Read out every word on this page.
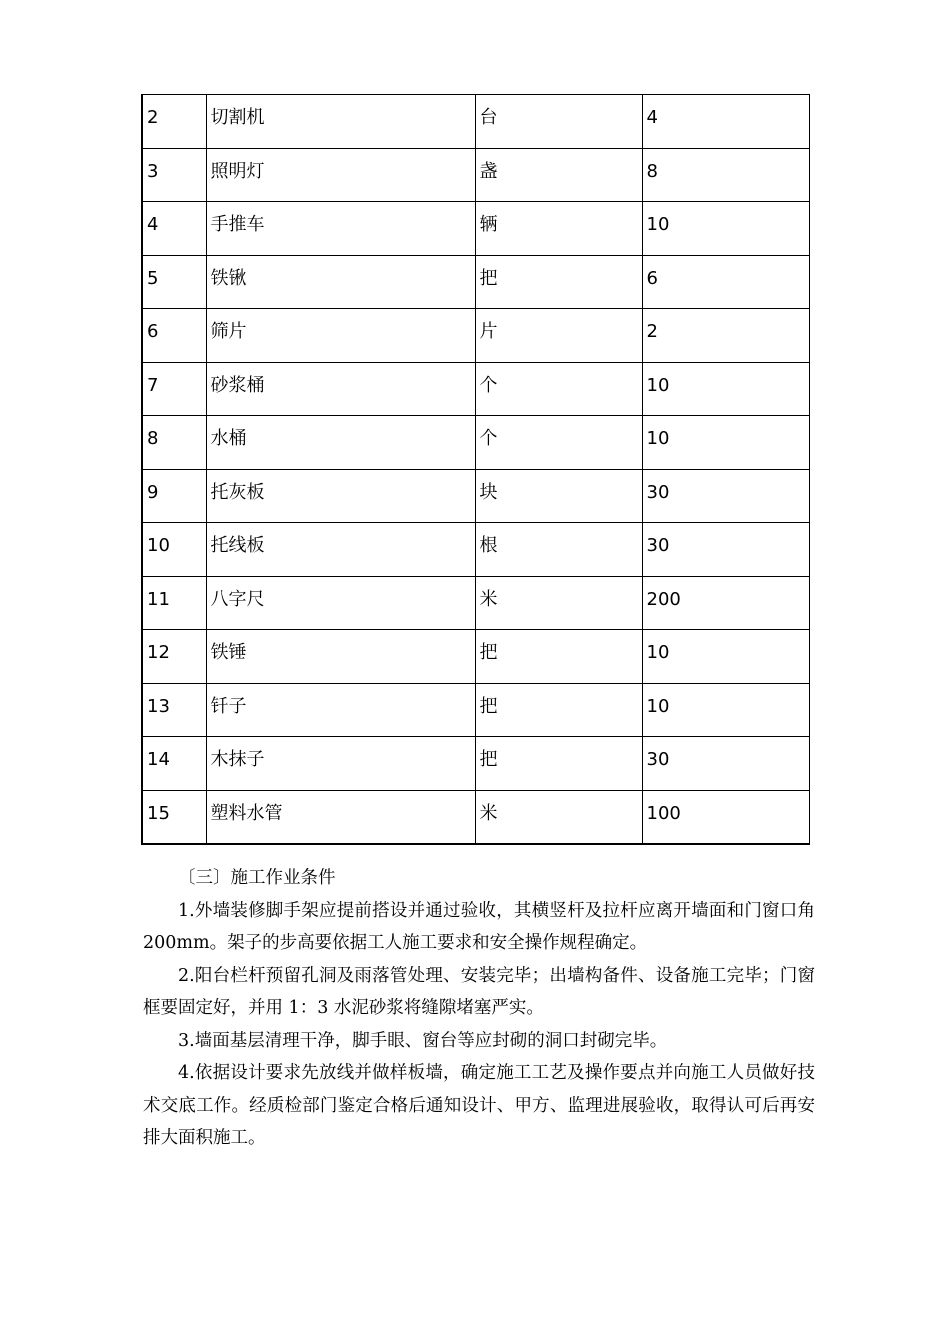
2	切割机	台	4
3	照明灯	盏	8
4	手推车	辆	10
5	铁锹	把	6
6	筛片	片	2
7	砂浆桶	个	10
8	水桶	个	10
9	托灰板	块	30
10	托线板	根	30
11	八字尺	米	200
12	铁锤	把	10
13	钎子	把	10
14	木抹子	把	30
15	塑料水管	米	100

〔三〕施工作业条件

1.外墙装修脚手架应提前搭设并通过验收，其横竖杆及拉杆应离开墙面和门窗口角 200mm。架子的步高要依据工人施工要求和安全操作规程确定。

2.阳台栏杆预留孔洞及雨落管处理、安装完毕；出墙构备件、设备施工完毕；门窗框要固定好，并用 1：3 水泥砂浆将缝隙堵塞严实。

3.墙面基层清理干净，脚手眼、窗台等应封砌的洞口封砌完毕。

4.依据设计要求先放线并做样板墙，确定施工工艺及操作要点并向施工人员做好技术交底工作。经质检部门鉴定合格后通知设计、甲方、监理进展验收，取得认可后再安排大面积施工。
